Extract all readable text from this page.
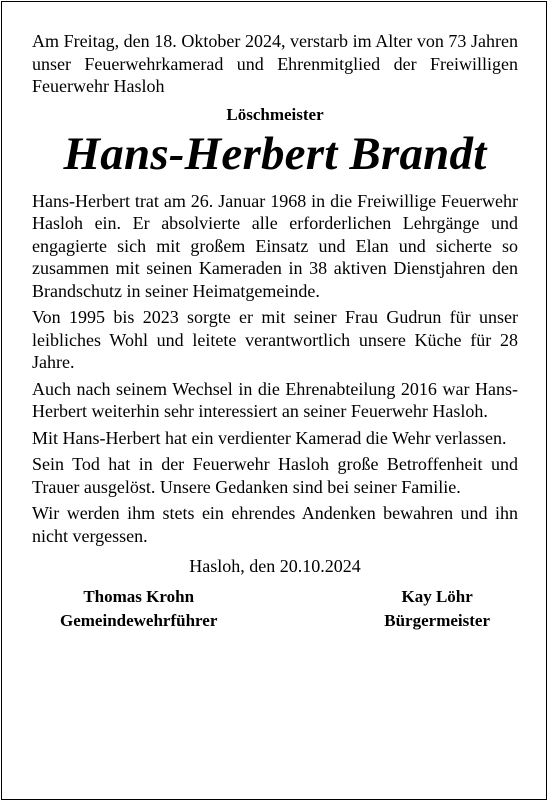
Am Freitag, den 18. Oktober 2024, verstarb im Alter von 73 Jahren unser Feuerwehrkamerad und Ehrenmitglied der Freiwilligen Feuerwehr Hasloh

Löschmeister
Hans-Herbert Brandt

Hans-Herbert trat am 26. Januar 1968 in die Freiwillige Feuerwehr Hasloh ein. Er absolvierte alle erforderlichen Lehrgänge und engagierte sich mit großem Einsatz und Elan und sicherte so zusammen mit seinen Kameraden in 38 aktiven Dienstjahren den Brandschutz in seiner Heimatgemeinde.

Von 1995 bis 2023 sorgte er mit seiner Frau Gudrun für unser leibliches Wohl und leitete verantwortlich unsere Küche für 28 Jahre.

Auch nach seinem Wechsel in die Ehrenabteilung 2016 war Hans-Herbert weiterhin sehr interessiert an seiner Feuerwehr Hasloh.

Mit Hans-Herbert hat ein verdienter Kamerad die Wehr verlassen.

Sein Tod hat in der Feuerwehr Hasloh große Betroffenheit und Trauer ausgelöst. Unsere Gedanken sind bei seiner Familie.

Wir werden ihm stets ein ehrendes Andenken bewahren und ihn nicht vergessen.

Hasloh, den 20.10.2024
Thomas Krohn
Gemeindewehrführer
Kay Löhr
Bürgermeister
